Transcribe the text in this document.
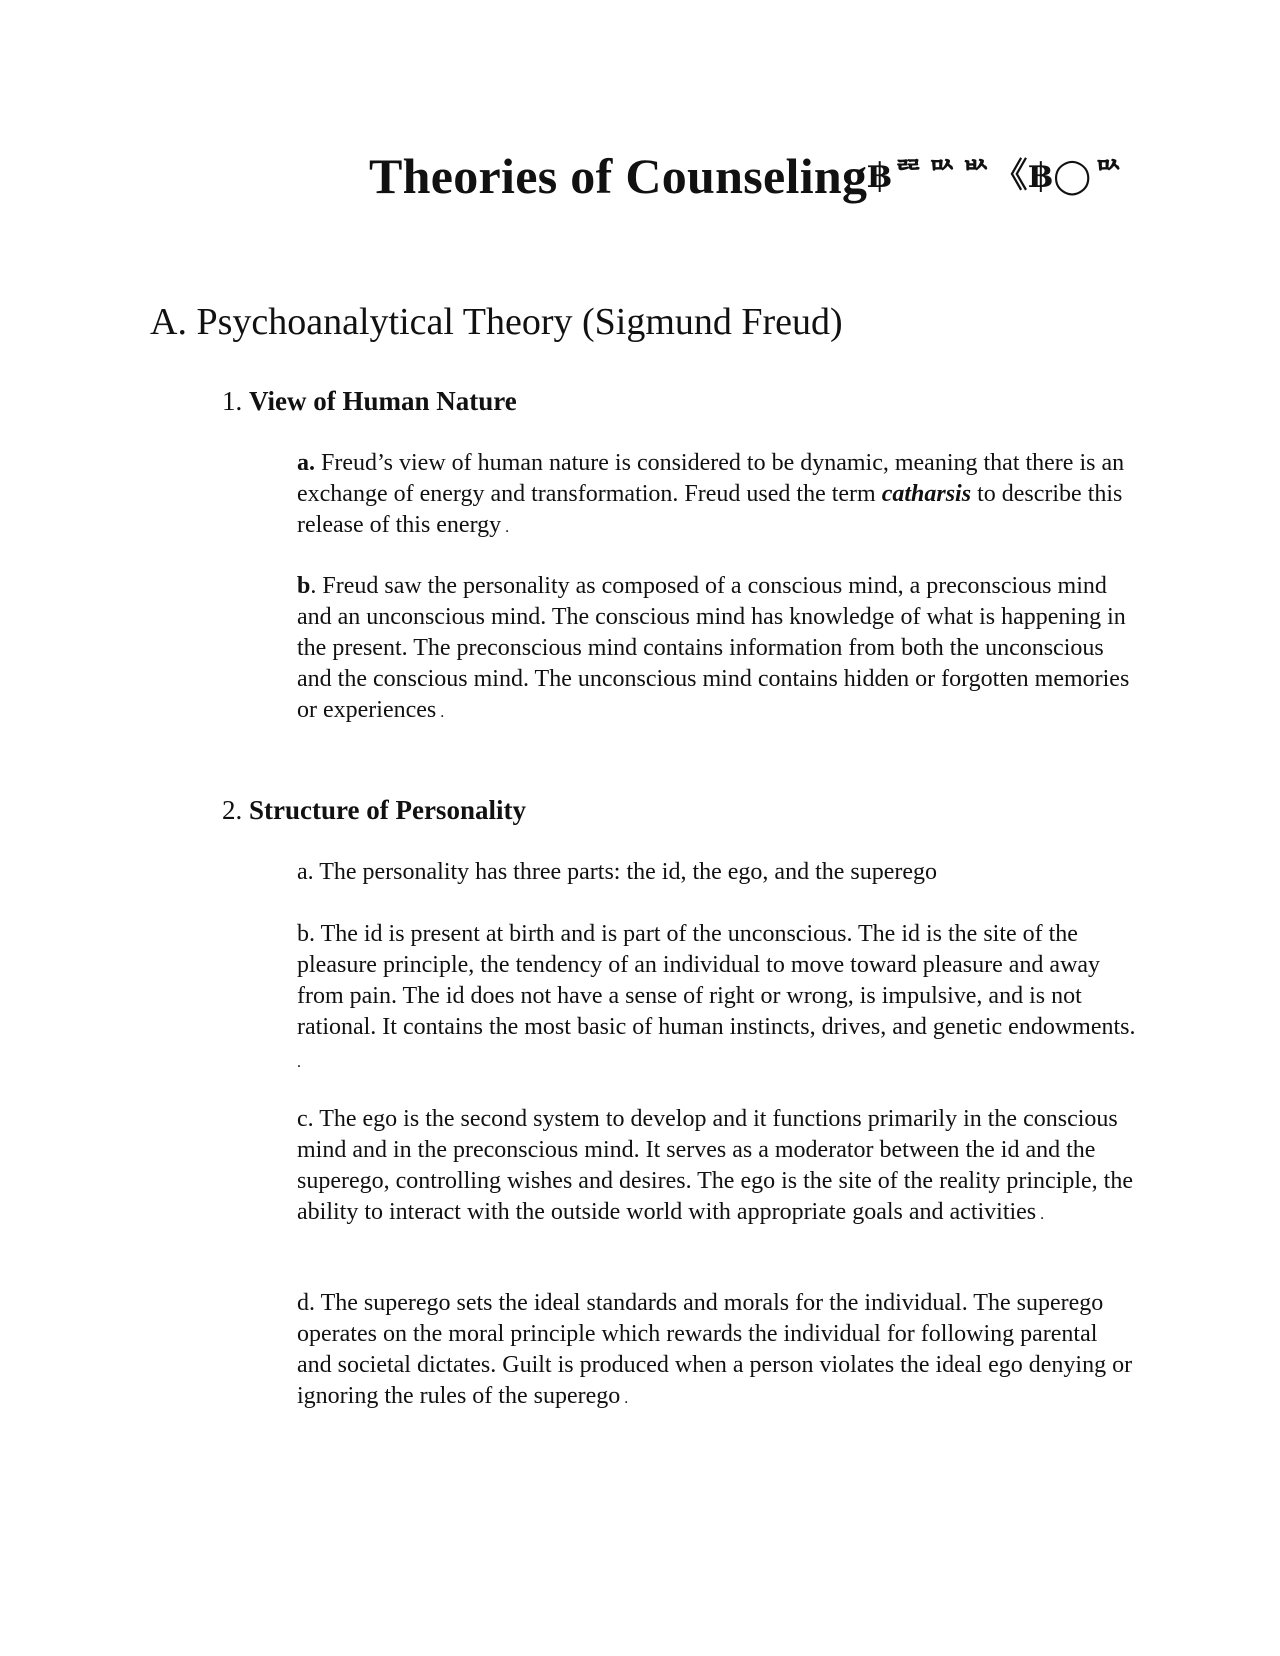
Theories of Counseling฿ᄙᄆᄉᄡ《฿◯ᄆᄉ
A. Psychoanalytical Theory (Sigmund Freud)
1. View of Human Nature
a. Freud’s view of human nature is considered to be dynamic, meaning that there is an exchange of energy and transformation. Freud used the term catharsis to describe this release of this energy .
b. Freud saw the personality as composed of a conscious mind, a preconscious mind and an unconscious mind. The conscious mind has knowledge of what is happening in the present. The preconscious mind contains information from both the unconscious and the conscious mind. The unconscious mind contains hidden or forgotten memories or experiences .
2. Structure of Personality
a. The personality has three parts: the id, the ego, and the superego
b. The id is present at birth and is part of the unconscious. The id is the site of the pleasure principle, the tendency of an individual to move toward pleasure and away from pain. The id does not have a sense of right or wrong, is impulsive, and is not rational. It contains the most basic of human instincts, drives, and genetic endowments. .
c. The ego is the second system to develop and it functions primarily in the conscious mind and in the preconscious mind. It serves as a moderator between the id and the superego, controlling wishes and desires. The ego is the site of the reality principle, the ability to interact with the outside world with appropriate goals and activities .
d. The superego sets the ideal standards and morals for the individual. The superego operates on the moral principle which rewards the individual for following parental and societal dictates. Guilt is produced when a person violates the ideal ego denying or ignoring the rules of the superego .
